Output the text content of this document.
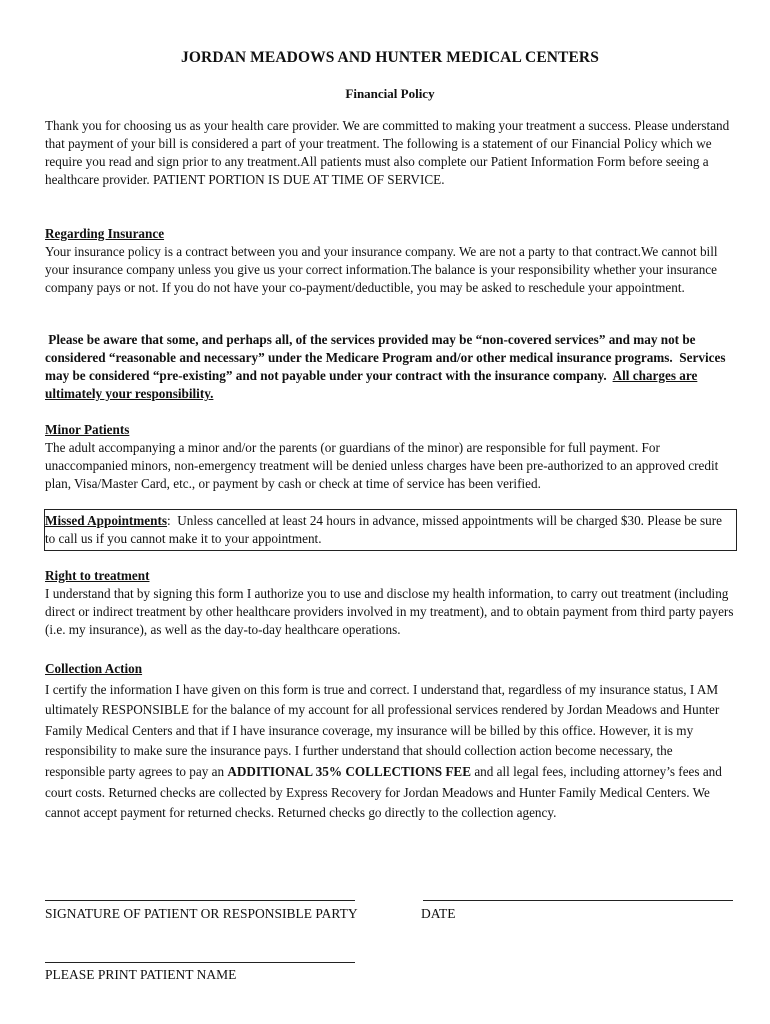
JORDAN MEADOWS AND HUNTER MEDICAL CENTERS
Financial Policy

Thank you for choosing us as your health care provider. We are committed to making your treatment a success. Please understand that payment of your bill is considered a part of your treatment. The following is a statement of our Financial Policy which we require you read and sign prior to any treatment.All patients must also complete our Patient Information Form before seeing a healthcare provider. PATIENT PORTION IS DUE AT TIME OF SERVICE.

Regarding Insurance

Your insurance policy is a contract between you and your insurance company. We are not a party to that contract.We cannot bill your insurance company unless you give us your correct information.The balance is your responsibility whether your insurance company pays or not. If you do not have your co-payment/deductible, you may be asked to reschedule your appointment.

Please be aware that some, and perhaps all, of the services provided may be “non-covered services” and may not be considered “reasonable and necessary” under the Medicare Program and/or other medical insurance programs.  Services may be considered “pre-existing” and not payable under your contract with the insurance company.  All charges are ultimately your responsibility.
Minor Patients

The adult accompanying a minor and/or the parents (or guardians of the minor) are responsible for full payment. For unaccompanied minors, non-emergency treatment will be denied unless charges have been pre-authorized to an approved credit plan, Visa/Master Card, etc., or payment by cash or check at time of service has been verified.

Missed Appointments:  Unless cancelled at least 24 hours in advance, missed appointments will be charged $30. Please be sure to call us if you cannot make it to your appointment.
Right to treatment

I understand that by signing this form I authorize you to use and disclose my health information, to carry out treatment (including direct or indirect treatment by other healthcare providers involved in my treatment), and to obtain payment from third party payers (i.e. my insurance), as well as the day-to-day healthcare operations.

Collection Action

I certify the information I have given on this form is true and correct. I understand that, regardless of my insurance status, I AM ultimately RESPONSIBLE for the balance of my account for all professional services rendered by Jordan Meadows and Hunter Family Medical Centers and that if I have insurance coverage, my insurance will be billed by this office. However, it is my responsibility to make sure the insurance pays. I further understand that should collection action become necessary, the responsible party agrees to pay an ADDITIONAL 35% COLLECTIONS FEE and all legal fees, including attorney’s fees and court costs. Returned checks are collected by Express Recovery for Jordan Meadows and Hunter Family Medical Centers. We cannot accept payment for returned checks. Returned checks go directly to the collection agency.

SIGNATURE OF PATIENT OR RESPONSIBLE PARTY	DATE
PLEASE PRINT PATIENT NAME
